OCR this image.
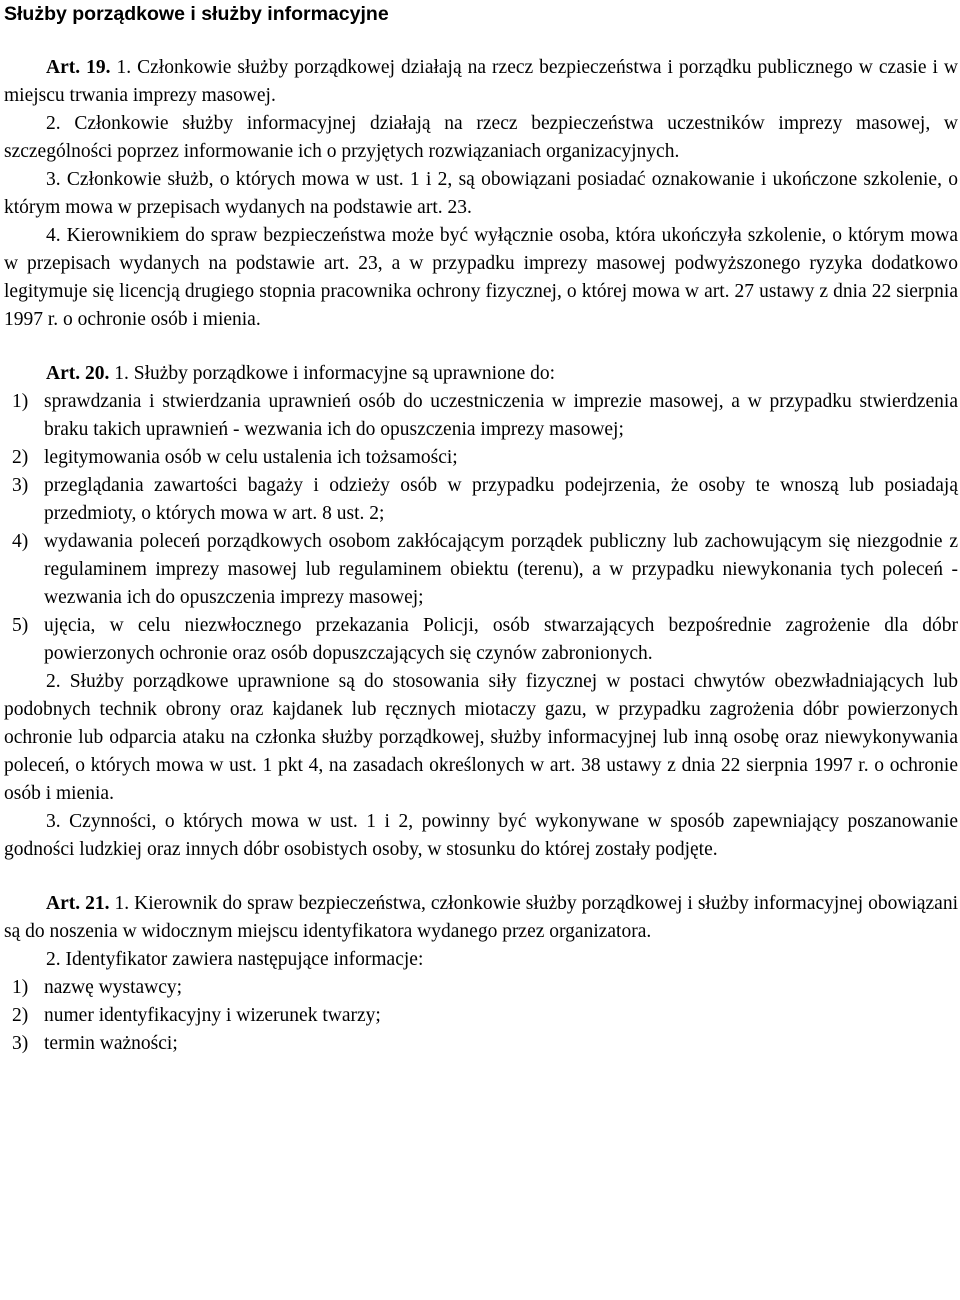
Służby porządkowe i służby informacyjne

Art. 19. 1. Członkowie służby porządkowej działają na rzecz bezpieczeństwa i porządku publicznego w czasie i w miejscu trwania imprezy masowej.

2. Członkowie służby informacyjnej działają na rzecz bezpieczeństwa uczestników imprezy masowej, w szczególności poprzez informowanie ich o przyjętych rozwiązaniach organizacyjnych.

3. Członkowie służb, o których mowa w ust. 1 i 2, są obowiązani posiadać oznakowanie i ukończone szkolenie, o którym mowa w przepisach wydanych na podstawie art. 23.

4. Kierownikiem do spraw bezpieczeństwa może być wyłącznie osoba, która ukończyła szkolenie, o którym mowa w przepisach wydanych na podstawie art. 23, a w przypadku imprezy masowej podwyższonego ryzyka dodatkowo legitymuje się licencją drugiego stopnia pracownika ochrony fizycznej, o której mowa w art. 27 ustawy z dnia 22 sierpnia 1997 r. o ochronie osób i mienia.

Art. 20. 1. Służby porządkowe i informacyjne są uprawnione do:

1) sprawdzania i stwierdzania uprawnień osób do uczestniczenia w imprezie masowej, a w przypadku stwierdzenia braku takich uprawnień - wezwania ich do opuszczenia imprezy masowej;
2) legitymowania osób w celu ustalenia ich tożsamości;
3) przeglądania zawartości bagaży i odzieży osób w przypadku podejrzenia, że osoby te wnoszą lub posiadają przedmioty, o których mowa w art. 8 ust. 2;
4) wydawania poleceń porządkowych osobom zakłócającym porządek publiczny lub zachowującym się niezgodnie z regulaminem imprezy masowej lub regulaminem obiektu (terenu), a w przypadku niewykonania tych poleceń - wezwania ich do opuszczenia imprezy masowej;
5) ujęcia, w celu niezwłocznego przekazania Policji, osób stwarzających bezpośrednie zagrożenie dla dóbr powierzonych ochronie oraz osób dopuszczających się czynów zabronionych.

2. Służby porządkowe uprawnione są do stosowania siły fizycznej w postaci chwytów obezwładniających lub podobnych technik obrony oraz kajdanek lub ręcznych miotaczy gazu, w przypadku zagrożenia dóbr powierzonych ochronie lub odparcia ataku na członka służby porządkowej, służby informacyjnej lub inną osobę oraz niewykonywania poleceń, o których mowa w ust. 1 pkt 4, na zasadach określonych w art. 38 ustawy z dnia 22 sierpnia 1997 r. o ochronie osób i mienia.

3. Czynności, o których mowa w ust. 1 i 2, powinny być wykonywane w sposób zapewniający poszanowanie godności ludzkiej oraz innych dóbr osobistych osoby, w stosunku do której zostały podjęte.

Art. 21. 1. Kierownik do spraw bezpieczeństwa, członkowie służby porządkowej i służby informacyjnej obowiązani są do noszenia w widocznym miejscu identyfikatora wydanego przez organizatora.

2. Identyfikator zawiera następujące informacje:

1) nazwę wystawcy;
2) numer identyfikacyjny i wizerunek twarzy;
3) termin ważności;
